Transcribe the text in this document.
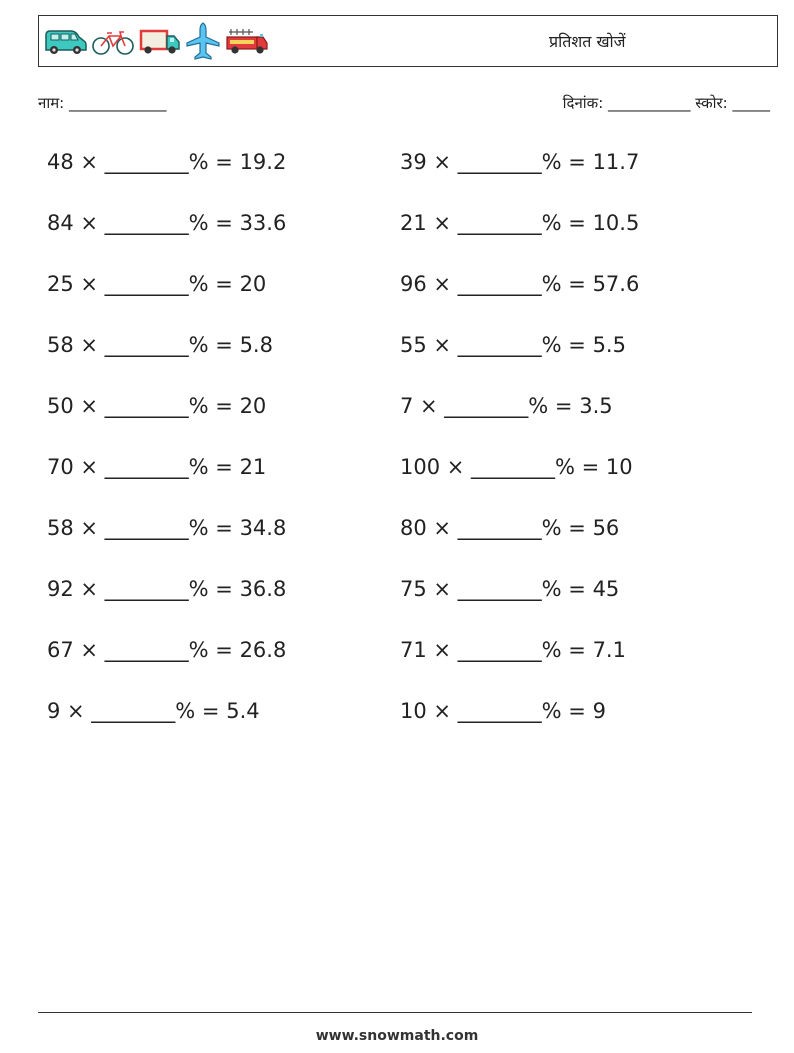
प्रतिशत खोजें
नाम: _____________	दिनांक: ___________ स्कोर: _____
48 × ________% = 19.2	39 × ________% = 11.7
84 × ________% = 33.6	21 × ________% = 10.5
25 × ________% = 20	96 × ________% = 57.6
58 × ________% = 5.8	55 × ________% = 5.5
50 × ________% = 20	7 × ________% = 3.5
70 × ________% = 21	100 × ________% = 10
58 × ________% = 34.8	80 × ________% = 56
92 × ________% = 36.8	75 × ________% = 45
67 × ________% = 26.8	71 × ________% = 7.1
9 × ________% = 5.4	10 × ________% = 9
www.snowmath.com
